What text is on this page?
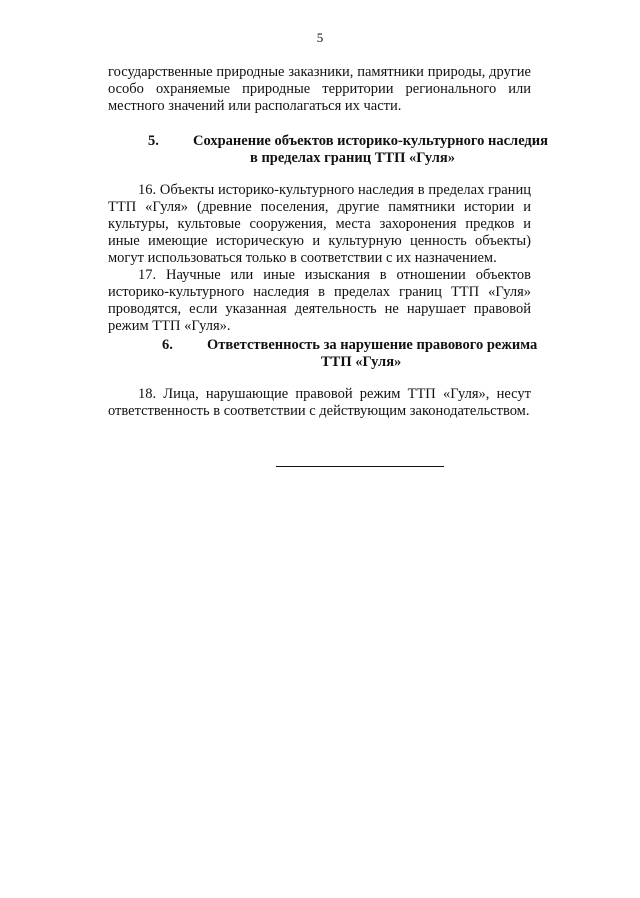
5

государственные природные заказники, памятники природы, другие особо охраняемые природные территории регионального или местного значений или располагаться их части.

5. Сохранение объектов историко-культурного наследия
в пределах границ ТТП «Гуля»

16. Объекты историко-культурного наследия в пределах границ ТТП «Гуля» (древние поселения, другие памятники истории и культуры, культовые сооружения, места захоронения предков и иные имеющие историческую и культурную ценность объекты) могут использоваться только в соответствии с их назначением.

17. Научные или иные изыскания в отношении объектов историко-культурного наследия в пределах границ ТТП «Гуля» проводятся, если указанная деятельность не нарушает правовой режим ТТП «Гуля».

6. Ответственность за нарушение правового режима
ТТП «Гуля»

18. Лица, нарушающие правовой режим ТТП «Гуля», несут ответственность в соответствии с действующим законодательством.
